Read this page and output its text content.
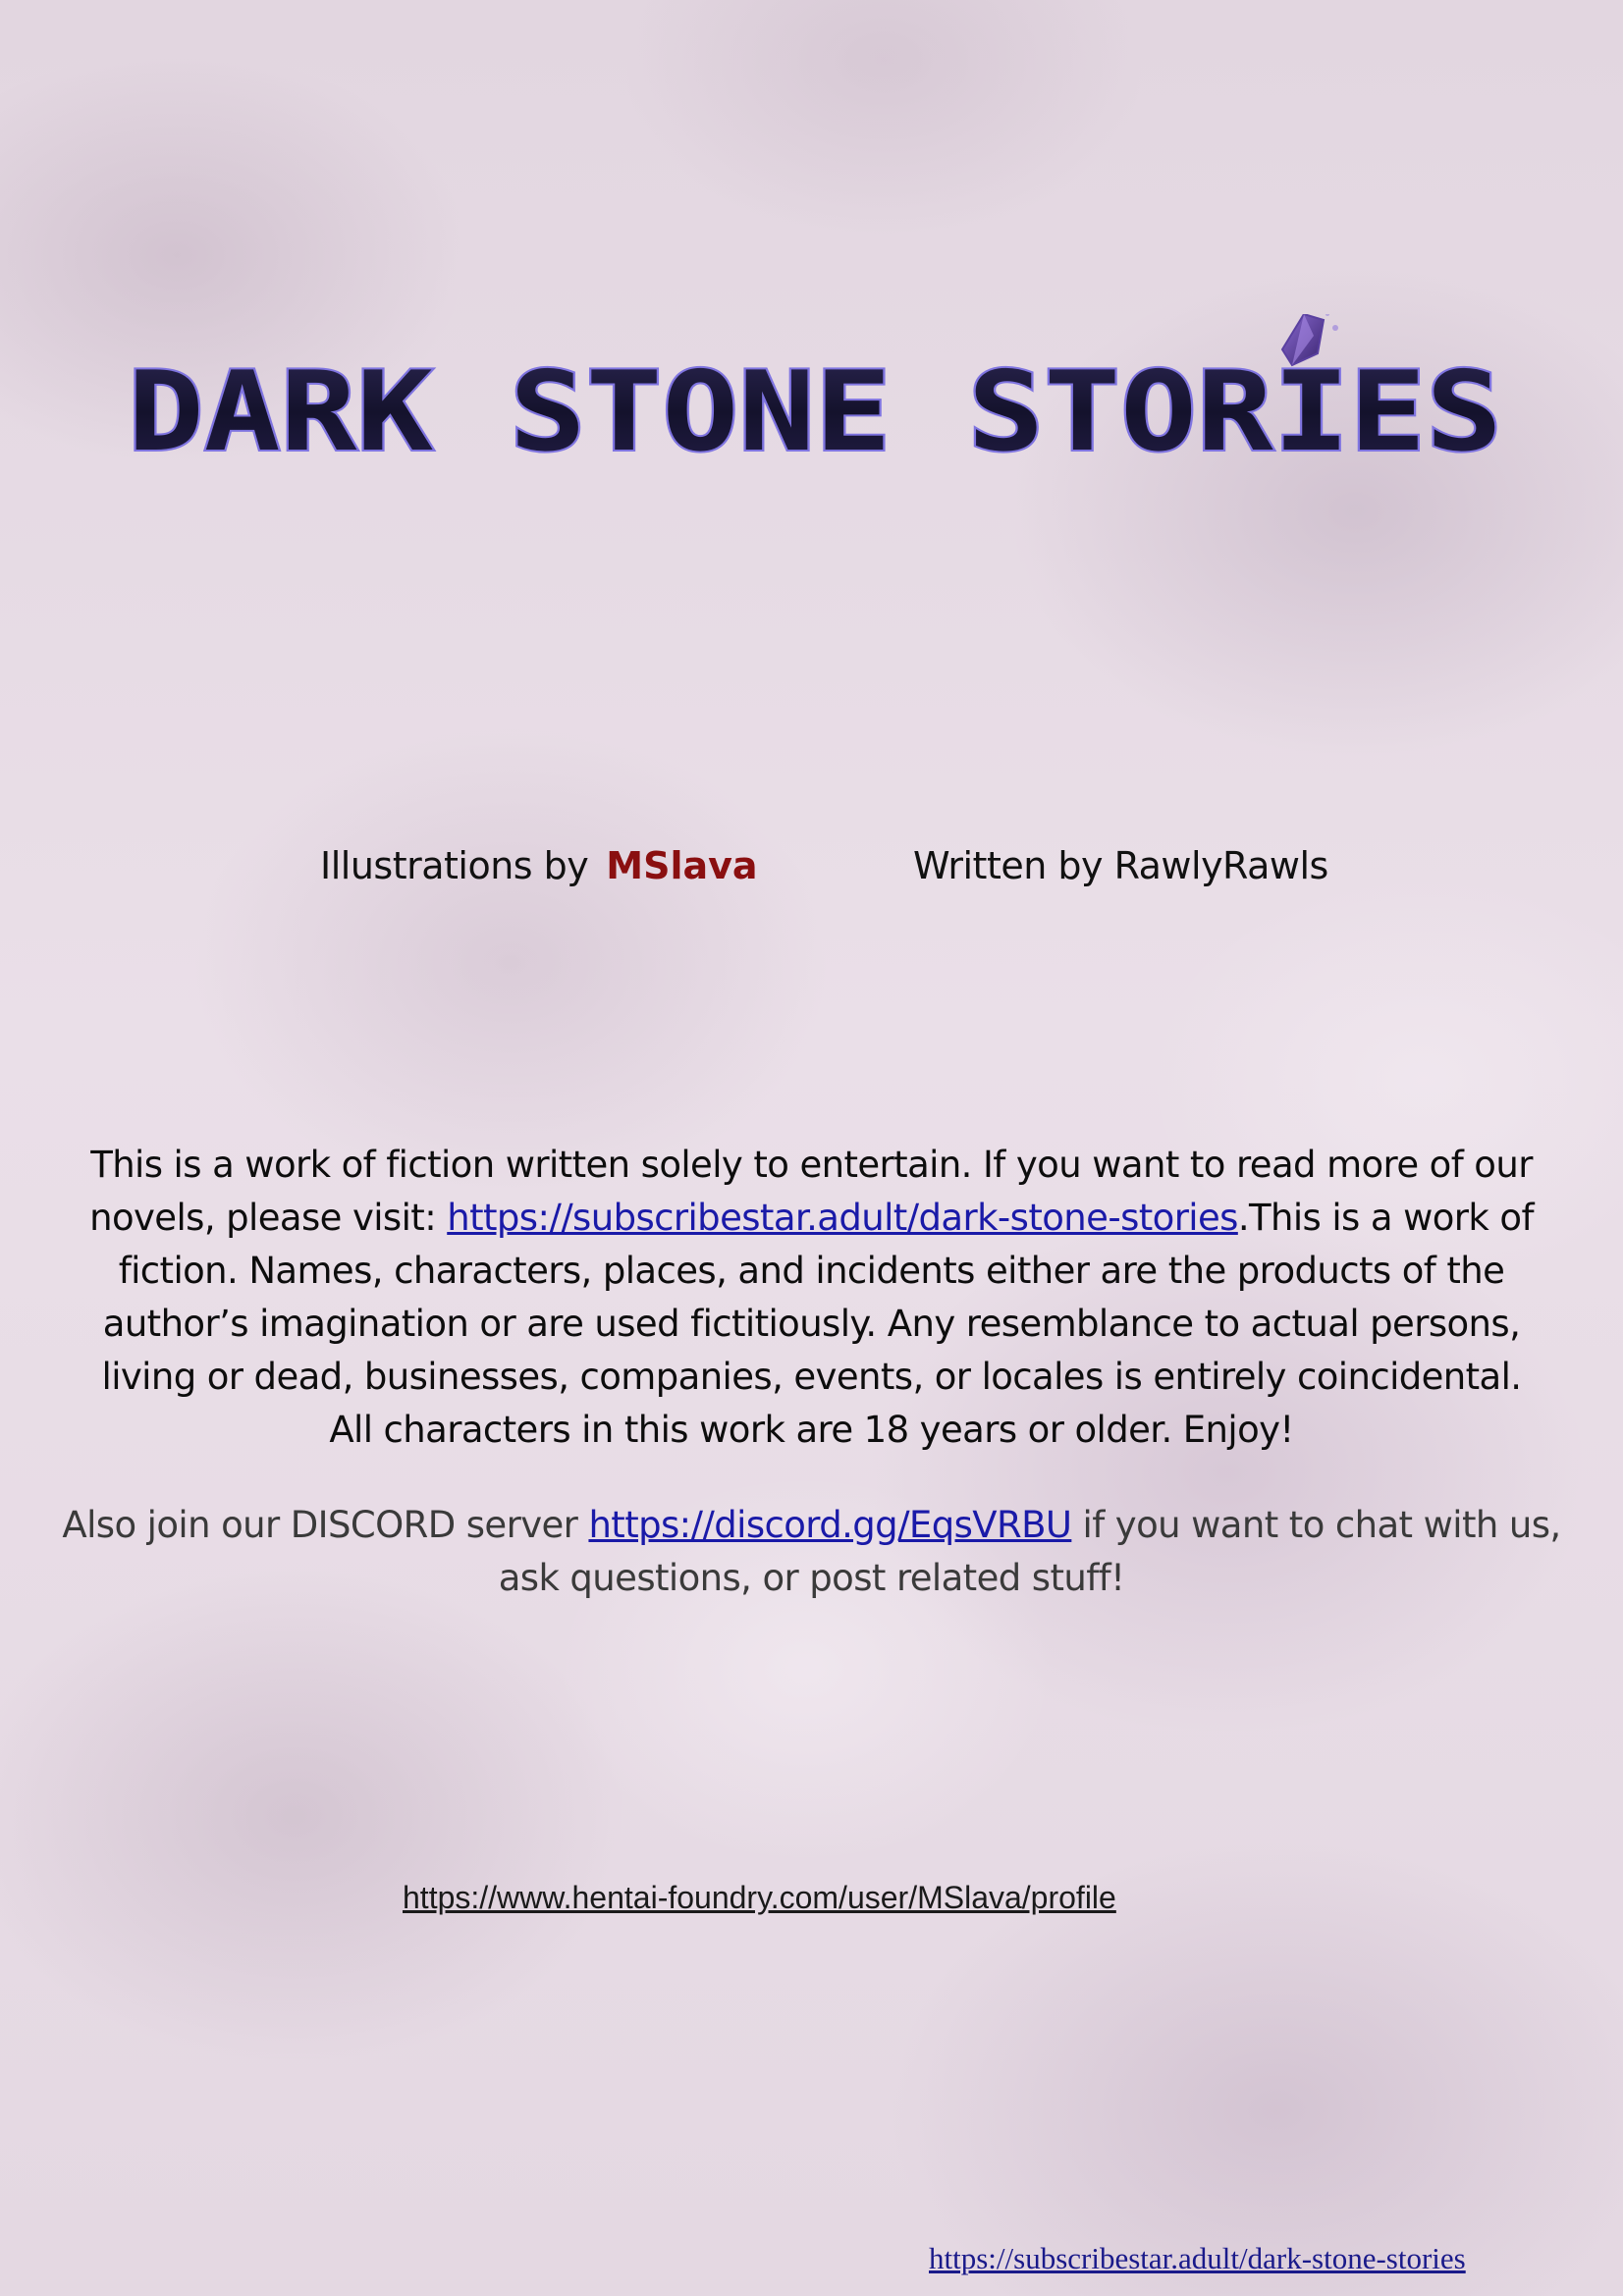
DARK STONE STORIES
Illustrations by MSlava	Written by RawlyRawls
This is a work of fiction written solely to entertain. If you want to read more of our novels, please visit: https://subscribestar.adult/dark-stone-stories.This is a work of fiction. Names, characters, places, and incidents either are the products of the author’s imagination or are used fictitiously. Any resemblance to actual persons, living or dead, businesses, companies, events, or locales is entirely coincidental. All characters in this work are 18 years or older. Enjoy!
Also join our DISCORD server https://discord.gg/EqsVRBU if you want to chat with us, ask questions, or post related stuff!
https://www.hentai-foundry.com/user/MSlava/profile
https://subscribestar.adult/dark-stone-stories
